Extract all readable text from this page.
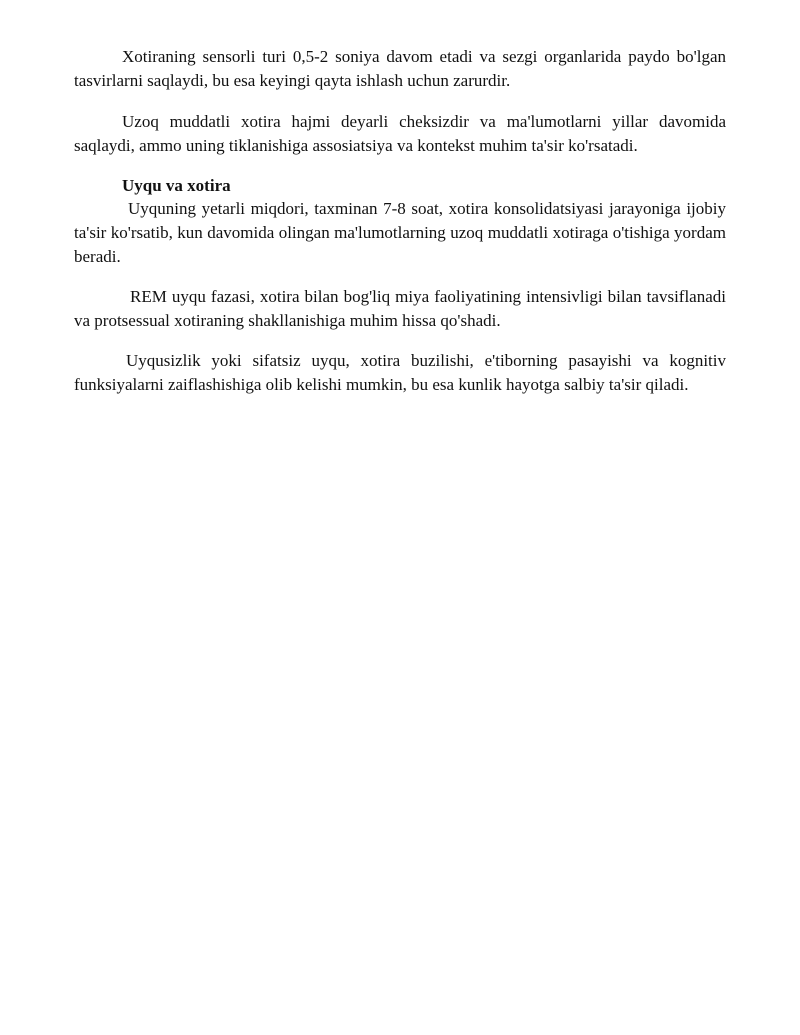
Xotiraning sensorli turi 0,5-2 soniya davom etadi va sezgi organlarida paydo bo'lgan tasvirlarni saqlaydi, bu esa keyingi qayta ishlash uchun zarurdir.

Uzoq muddatli xotira hajmi deyarli cheksizdir va ma'lumotlarni yillar davomida saqlaydi, ammo uning tiklanishiga assosiatsiya va kontekst muhim ta'sir ko'rsatadi.

Uyqu va xotira

Uyquning yetarli miqdori, taxminan 7-8 soat, xotira konsolidatsiyasi jarayoniga ijobiy ta'sir ko'rsatib, kun davomida olingan ma'lumotlarning uzoq muddatli xotiraga o'tishiga yordam beradi.

REM uyqu fazasi, xotira bilan bog'liq miya faoliyatining intensivligi bilan tavsiflanadi va protsessual xotiraning shakllanishiga muhim hissa qo'shadi.

Uyqusizlik yoki sifatsiz uyqu, xotira buzilishi, e'tiborning pasayishi va kognitiv funksiyalarni zaiflashishiga olib kelishi mumkin, bu esa kunlik hayotga salbiy ta'sir qiladi.
